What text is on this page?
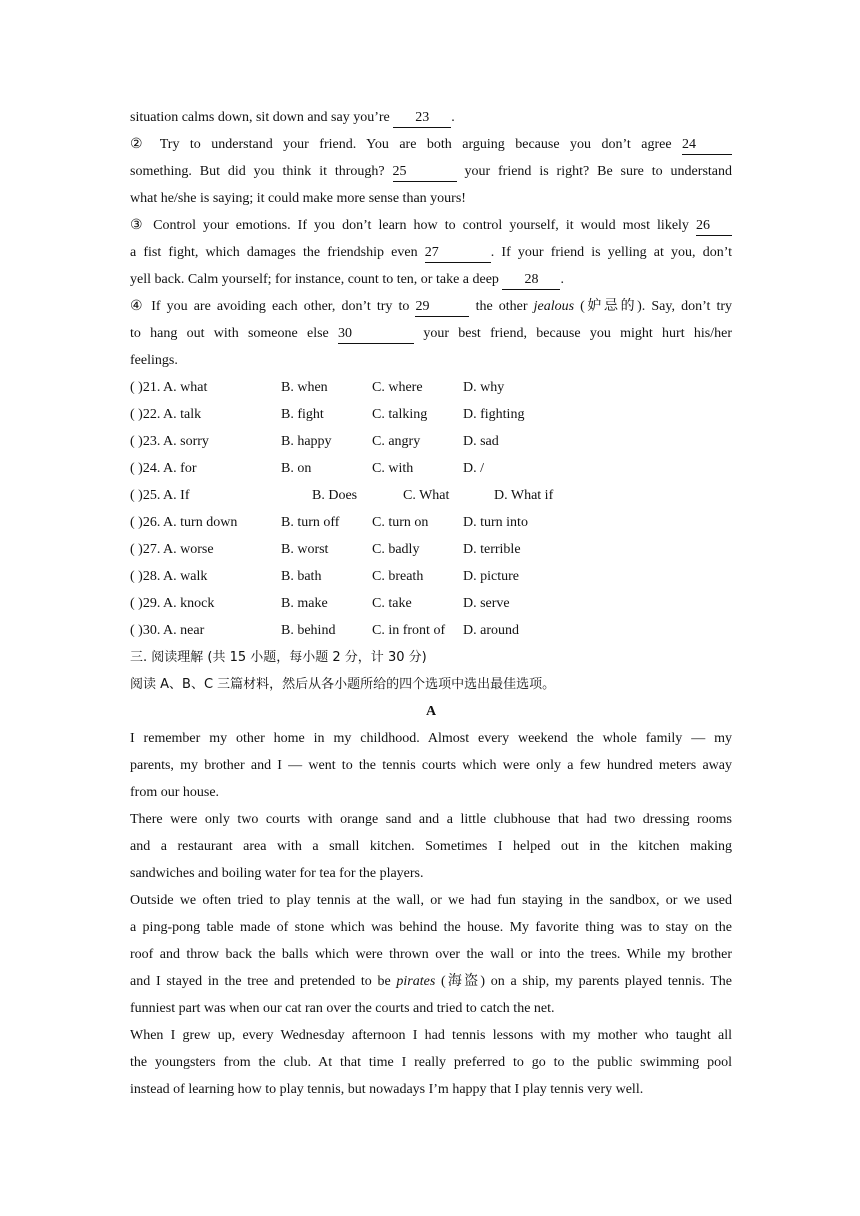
situation calms down, sit down and say you’re 23 .
② Try to understand your friend. You are both arguing because you don’t agree 24
something. But did you think it through? 25	your friend is right? Be sure to understand
what he/she is saying; it could make more sense than yours!
③ Control your emotions. If you don’t learn how to control yourself, it would most likely 26
a fist fight, which damages the friendship even 27	. If your friend is yelling at you, don’t
yell back. Calm yourself; for instance, count to ten, or take a deep 28 .
④ If you are avoiding each other, don’t try to 29	the other jealous (妒忌的). Say, don’t try
to hang out with someone else 30	your best friend, because you might hurt his/her
feelings.
( )21. A. what	B. when	C. where	D. why
( )22. A. talk	B. fight	C. talking	D. fighting
( )23. A. sorry	B. happy	C. angry	D. sad
( )24. A. for	B. on	C. with	D. /
( )25. A. If	B. Does	C. What	D. What if
( )26. A. turn down	B. turn off	C. turn on	D. turn into
( )27. A. worse	B. worst	C. badly	D. terrible
( )28. A. walk	B. bath	C. breath	D. picture
( )29. A. knock	B. make	C. take	D. serve
( )30. A. near	B. behind	C. in front of	D. around
三. 阅读理解 (共 15 小题，每小题 2 分，计 30 分)
阅读 A、B、C 三篇材料，然后从各小题所给的四个选项中选出最佳选项。
A
I remember my other home in my childhood. Almost every weekend the whole family — my
parents, my brother and I — went to the tennis courts which were only a few hundred meters away
from our house.
There were only two courts with orange sand and a little clubhouse that had two dressing rooms
and a restaurant area with a small kitchen. Sometimes I helped out in the kitchen making
sandwiches and boiling water for tea for the players.
Outside we often tried to play tennis at the wall, or we had fun staying in the sandbox, or we used
a ping-pong table made of stone which was behind the house. My favorite thing was to stay on the
roof and throw back the balls which were thrown over the wall or into the trees. While my brother
and I stayed in the tree and pretended to be pirates (海盗) on a ship, my parents played tennis. The
funniest part was when our cat ran over the courts and tried to catch the net.
When I grew up, every Wednesday afternoon I had tennis lessons with my mother who taught all
the youngsters from the club. At that time I really preferred to go to the public swimming pool
instead of learning how to play tennis, but nowadays I’m happy that I play tennis very well.
